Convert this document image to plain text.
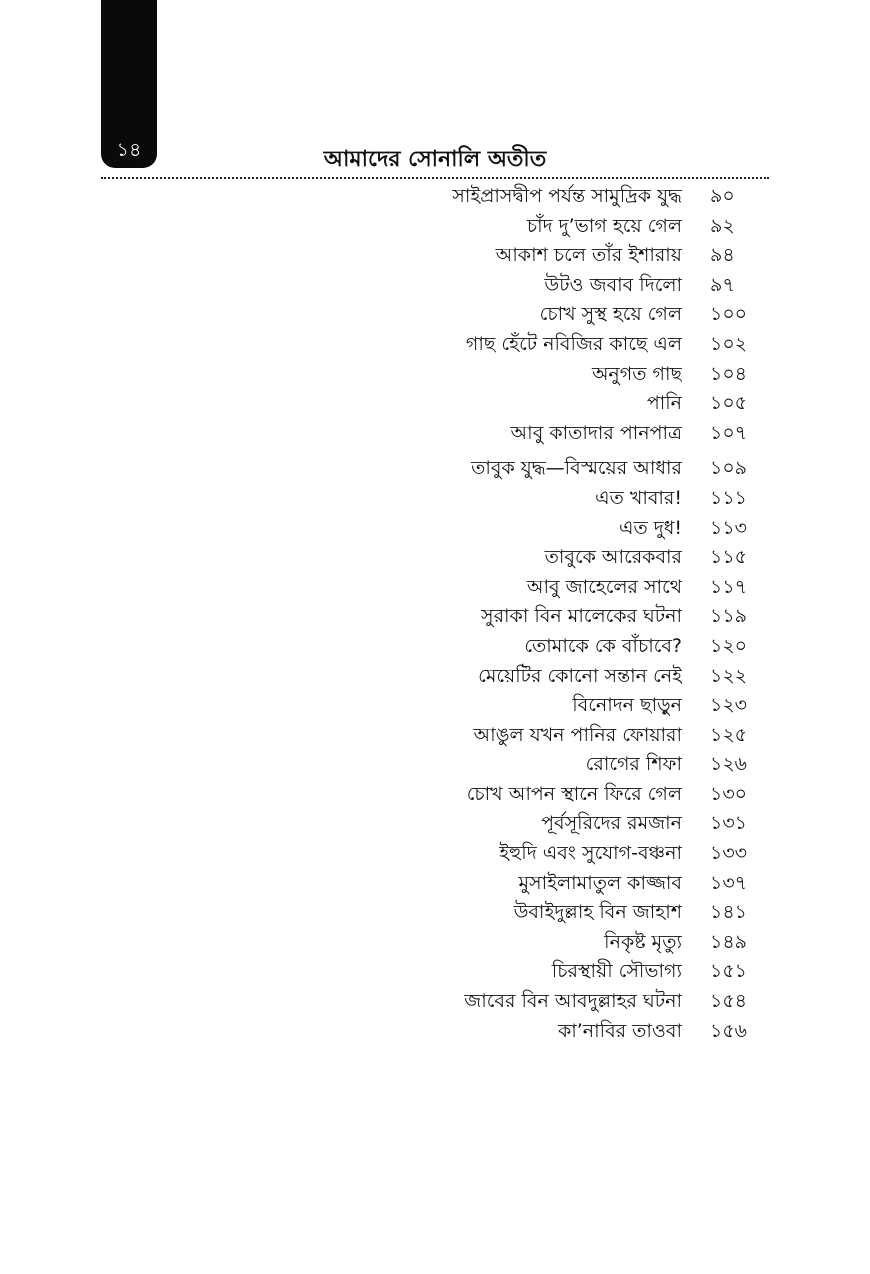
১৪	আমাদের সোনালি অতীত
সাইপ্রাসদ্বীপ পর্যন্ত সামুদ্রিক যুদ্ধ	৯০
চাঁদ দু’ভাগ হয়ে গেল	৯২
আকাশ চলে তাঁর ইশারায়	৯৪
উটও জবাব দিলো	৯৭
চোখ সুস্থ হয়ে গেল	১০০
গাছ হেঁটে নবিজির কাছে এল	১০২
অনুগত গাছ	১০৪
পানি	১০৫
আবু কাতাদার পানপাত্র	১০৭
তাবুক যুদ্ধ—বিস্ময়ের আধার	১০৯
এত খাবার!	১১১
এত দুধ!	১১৩
তাবুকে আরেকবার	১১৫
আবু জাহেলের সাথে	১১৭
সুরাকা বিন মালেকের ঘটনা	১১৯
তোমাকে কে বাঁচাবে?	১২০
মেয়েটির কোনো সন্তান নেই	১২২
বিনোদন ছাড়ুন	১২৩
আঙুল যখন পানির ফোয়ারা	১২৫
রোগের শিফা	১২৬
চোখ আপন স্থানে ফিরে গেল	১৩০
পূর্বসূরিদের রমজান	১৩১
ইহুদি এবং সুযোগ-বঞ্চনা	১৩৩
মুসাইলামাতুল কাজ্জাব	১৩৭
উবাইদুল্লাহ বিন জাহাশ	১৪১
নিকৃষ্ট মৃত্যু	১৪৯
চিরস্থায়ী সৌভাগ্য	১৫১
জাবের বিন আবদুল্লাহর ঘটনা	১৫৪
কা’নাবির তাওবা	১৫৬
